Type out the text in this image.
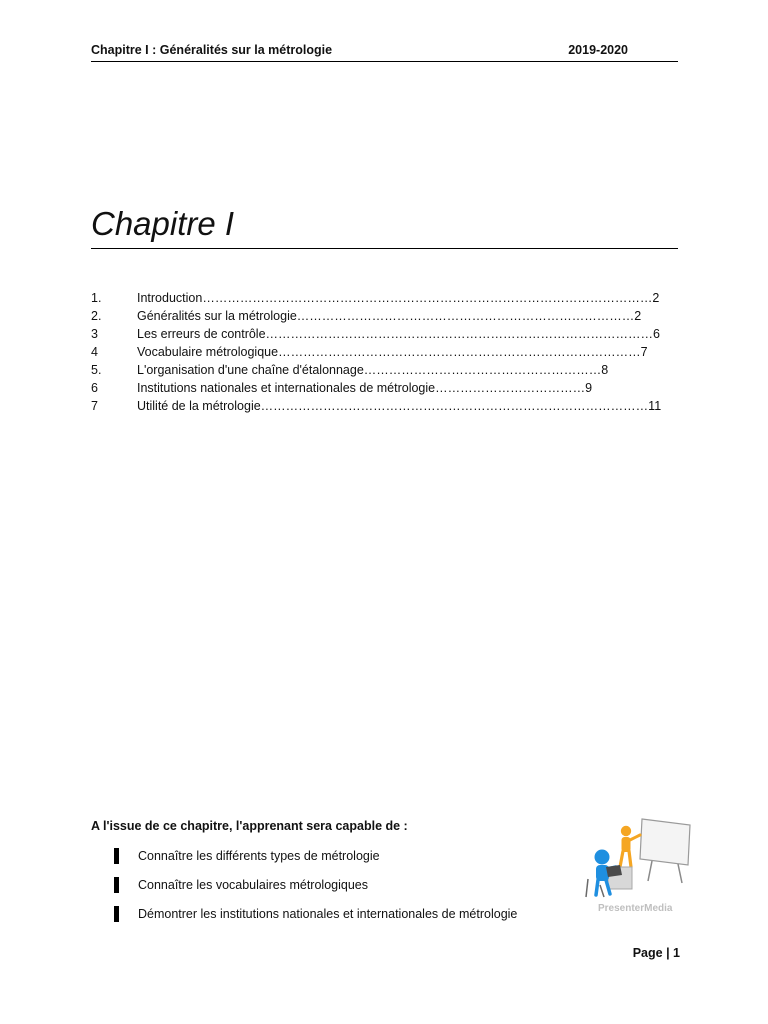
Chapitre I : Généralités sur la métrologie	2019-2020
Chapitre I
1.	Introduction………………………………………………………………………………………………2
2.	Généralités sur la métrologie………………………………………………………………………2
3	Les erreurs de contrôle…………………………………………………………………………………6
4	Vocabulaire métrologique……………………………………………………………………………7
5.	L'organisation d'une chaîne d'étalonnage…………………………………………………8
6	Institutions nationales et internationales de métrologie………………………………9
7	Utilité de la métrologie…………………………………………………………………………………11
A l'issue de ce chapitre, l'apprenant sera capable de :
Connaître les différents types de métrologie
Connaître les vocabulaires métrologiques
Démontrer les institutions nationales et internationales de métrologie	PresenterMedia
Page | 1
